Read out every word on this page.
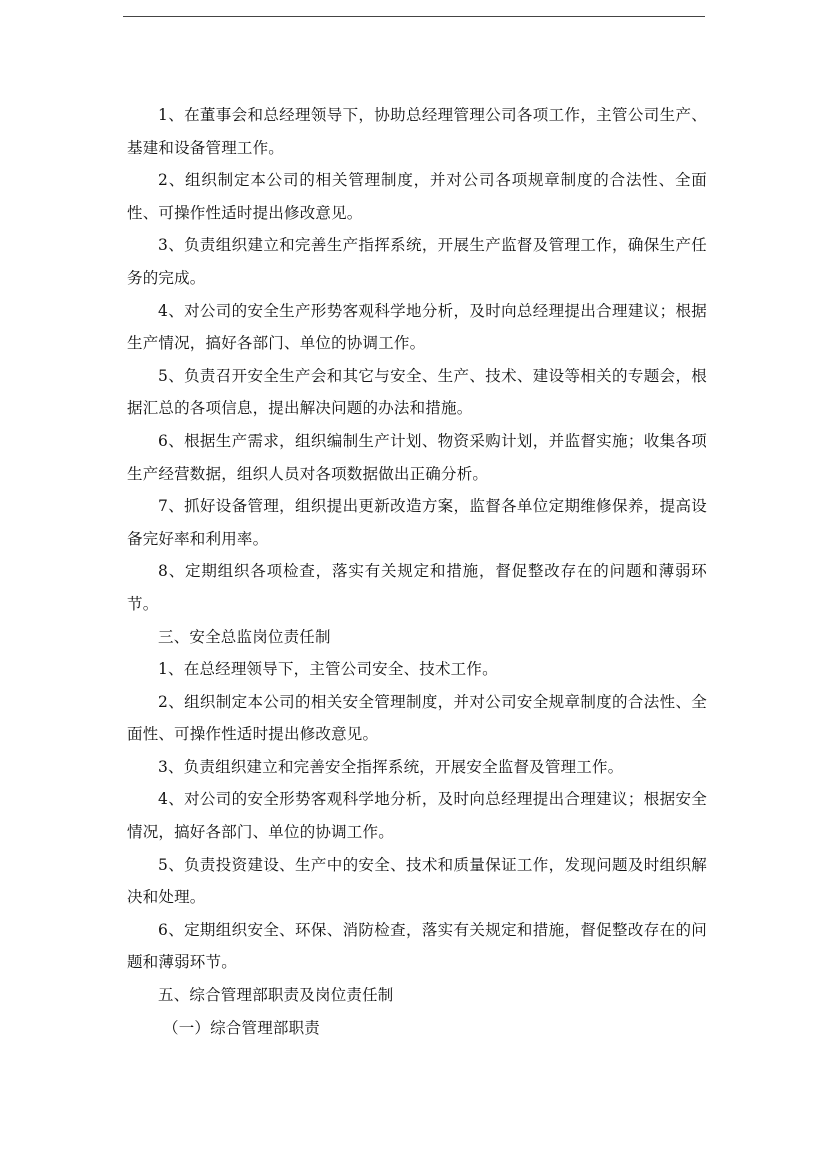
1、在董事会和总经理领导下，协助总经理管理公司各项工作，主管公司生产、基建和设备管理工作。

2、组织制定本公司的相关管理制度，并对公司各项规章制度的合法性、全面性、可操作性适时提出修改意见。

3、负责组织建立和完善生产指挥系统，开展生产监督及管理工作，确保生产任务的完成。

4、对公司的安全生产形势客观科学地分析，及时向总经理提出合理建议；根据生产情况，搞好各部门、单位的协调工作。

5、负责召开安全生产会和其它与安全、生产、技术、建设等相关的专题会，根据汇总的各项信息，提出解决问题的办法和措施。

6、根据生产需求，组织编制生产计划、物资采购计划，并监督实施；收集各项生产经营数据，组织人员对各项数据做出正确分析。

7、抓好设备管理，组织提出更新改造方案，监督各单位定期维修保养，提高设备完好率和利用率。

8、定期组织各项检查，落实有关规定和措施，督促整改存在的问题和薄弱环节。

三、安全总监岗位责任制

1、在总经理领导下，主管公司安全、技术工作。

2、组织制定本公司的相关安全管理制度，并对公司安全规章制度的合法性、全面性、可操作性适时提出修改意见。

3、负责组织建立和完善安全指挥系统，开展安全监督及管理工作。

4、对公司的安全形势客观科学地分析，及时向总经理提出合理建议；根据安全情况，搞好各部门、单位的协调工作。

5、负责投资建设、生产中的安全、技术和质量保证工作，发现问题及时组织解决和处理。

6、定期组织安全、环保、消防检查，落实有关规定和措施，督促整改存在的问题和薄弱环节。

五、综合管理部职责及岗位责任制

（一）综合管理部职责
